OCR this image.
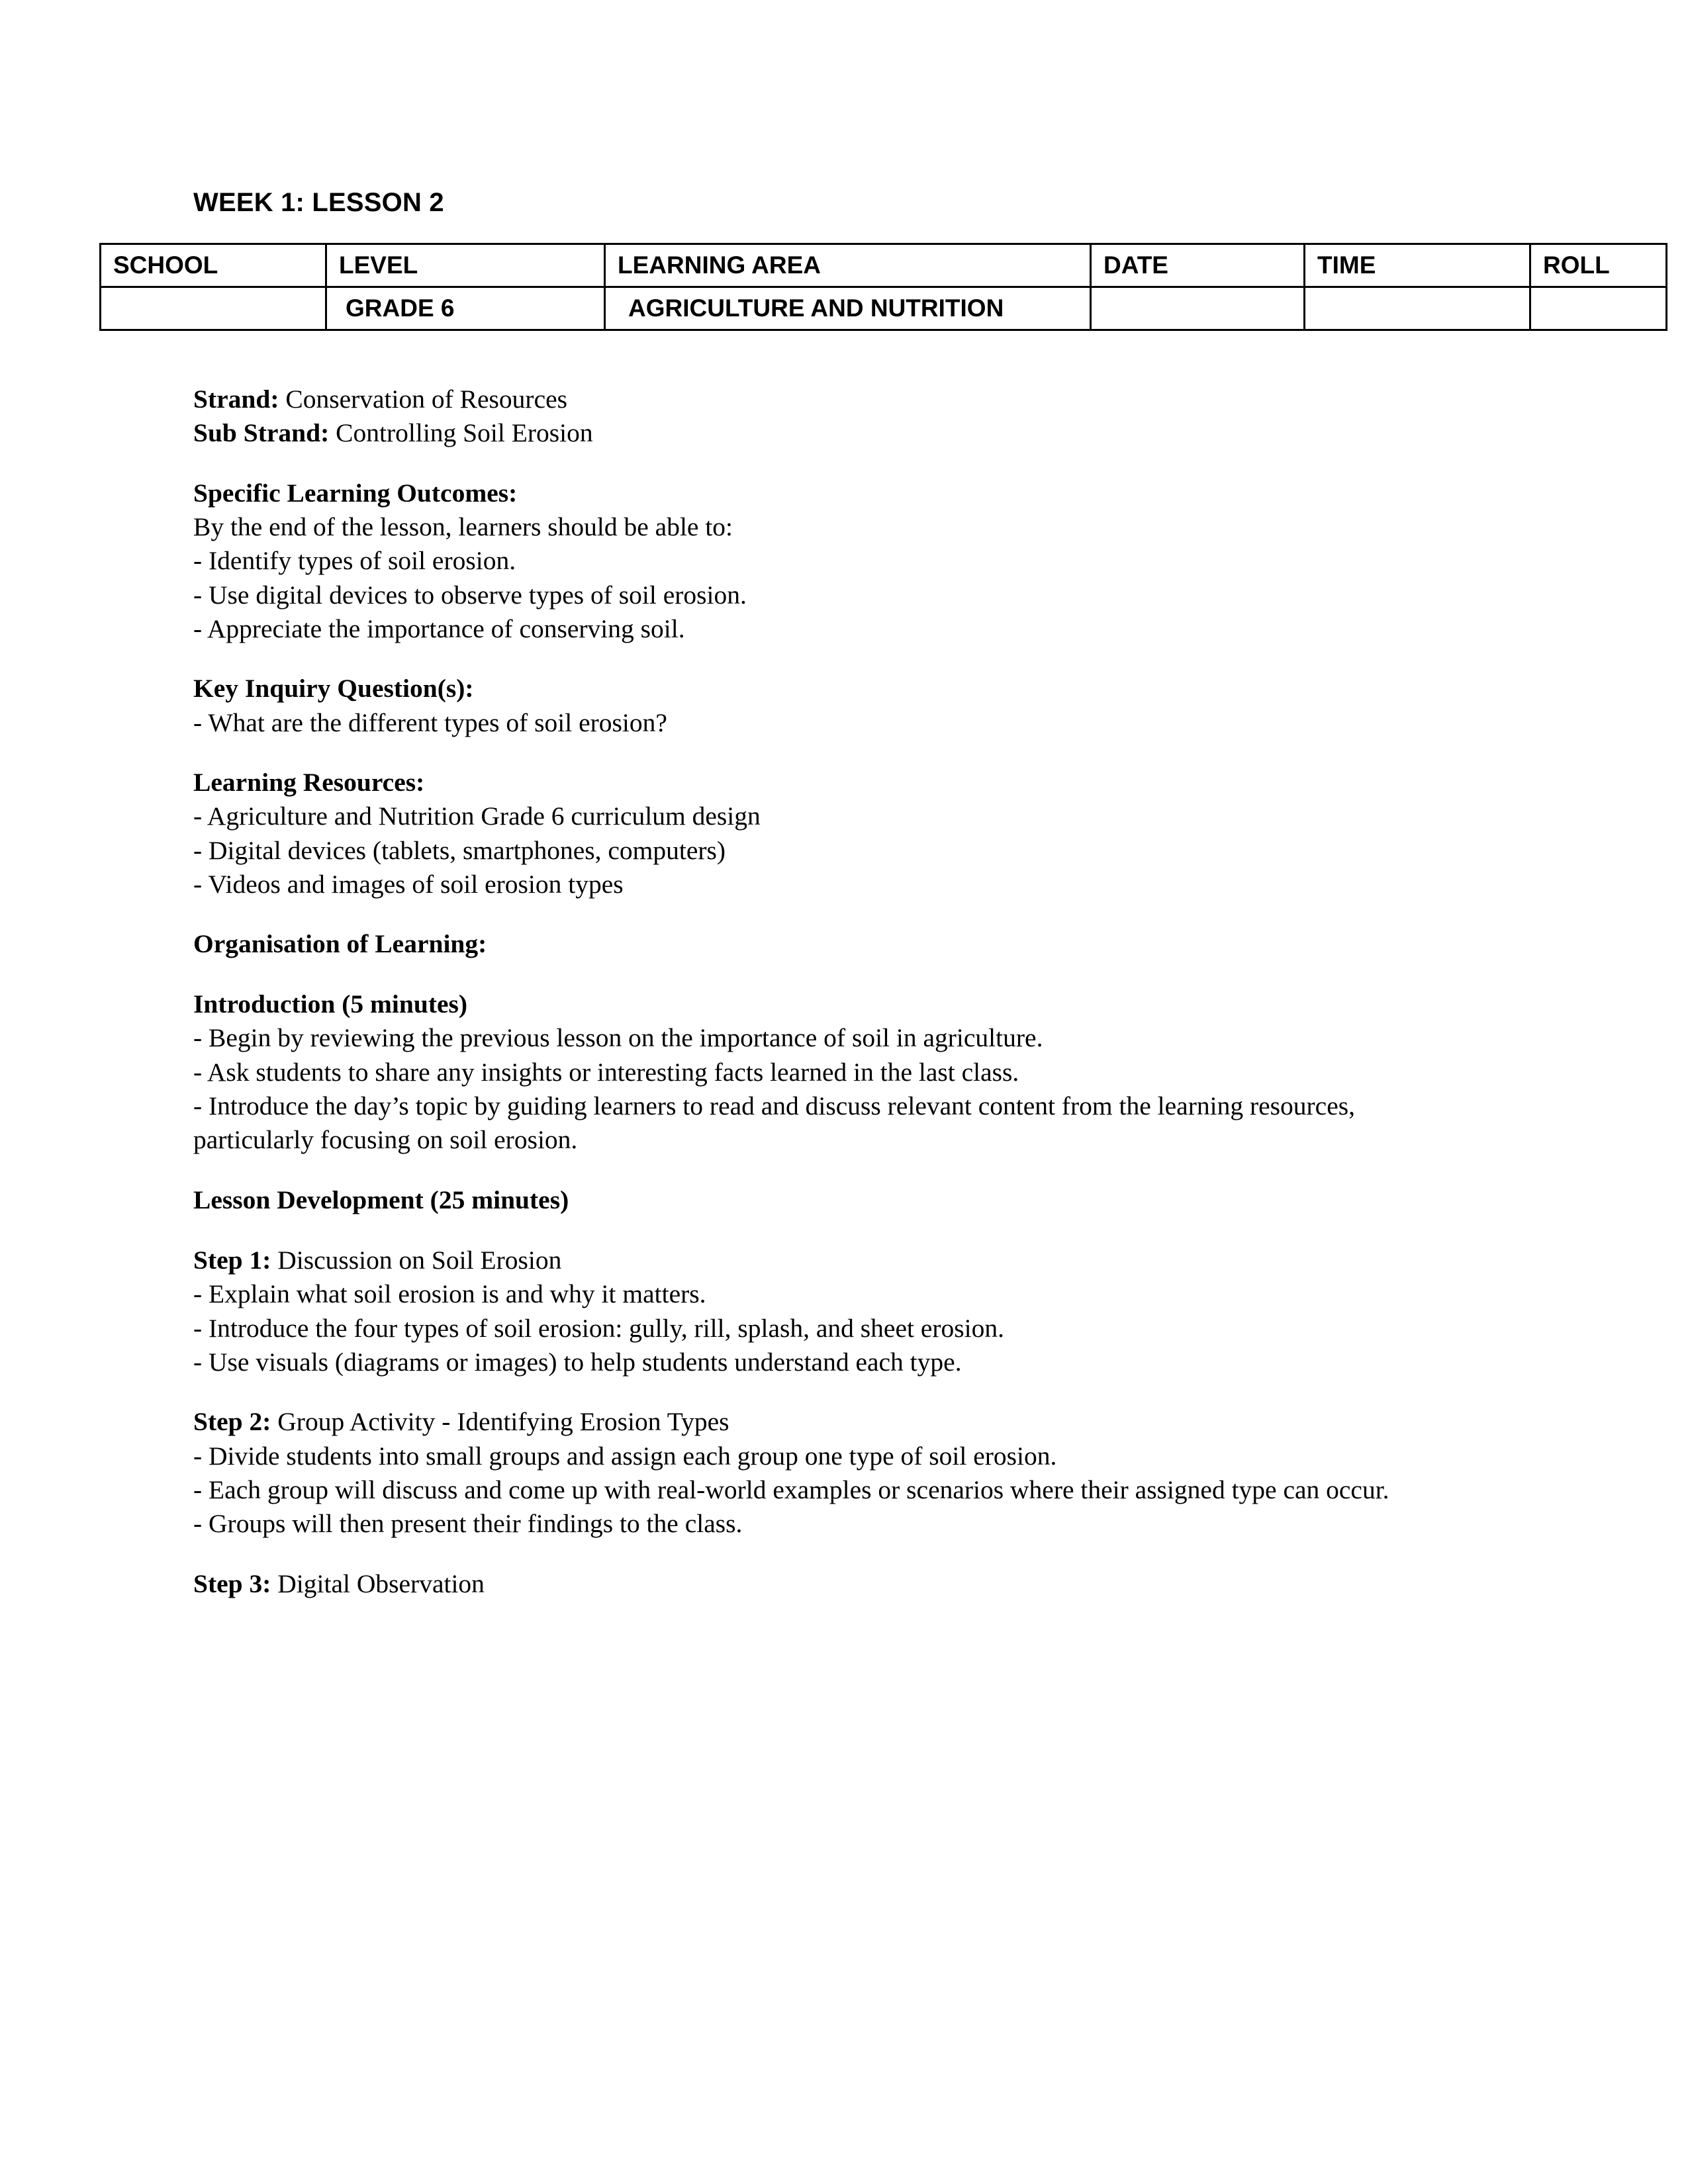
WEEK 1: LESSON 2
SCHOOL	LEVEL	LEARNING AREA	DATE	TIME	ROLL
	GRADE 6	AGRICULTURE AND NUTRITION			

Strand: Conservation of Resources

Sub Strand: Controlling Soil Erosion

Specific Learning Outcomes:

By the end of the lesson, learners should be able to:

- Identify types of soil erosion.

- Use digital devices to observe types of soil erosion.

- Appreciate the importance of conserving soil.

Key Inquiry Question(s):

- What are the different types of soil erosion?

Learning Resources:

- Agriculture and Nutrition Grade 6 curriculum design

- Digital devices (tablets, smartphones, computers)

- Videos and images of soil erosion types

Organisation of Learning:

Introduction (5 minutes)

- Begin by reviewing the previous lesson on the importance of soil in agriculture.

- Ask students to share any insights or interesting facts learned in the last class.

- Introduce the day’s topic by guiding learners to read and discuss relevant content from the learning resources, particularly focusing on soil erosion.

Lesson Development (25 minutes)

Step 1: Discussion on Soil Erosion

- Explain what soil erosion is and why it matters.

- Introduce the four types of soil erosion: gully, rill, splash, and sheet erosion.

- Use visuals (diagrams or images) to help students understand each type.

Step 2: Group Activity - Identifying Erosion Types

- Divide students into small groups and assign each group one type of soil erosion.

- Each group will discuss and come up with real-world examples or scenarios where their assigned type can occur.

- Groups will then present their findings to the class.

Step 3: Digital Observation
